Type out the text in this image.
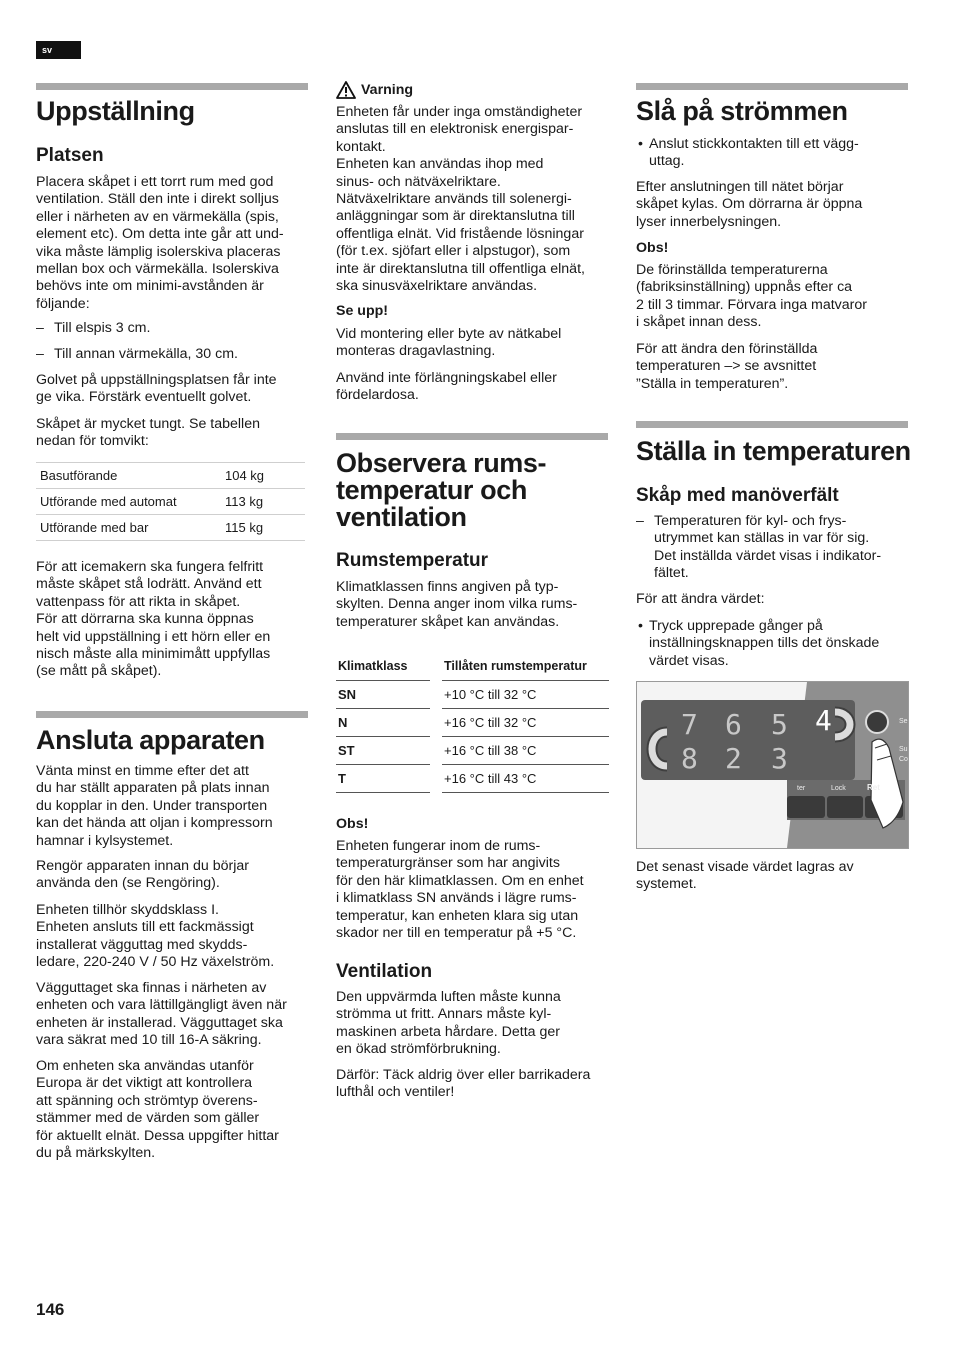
sv
Uppställning
Platsen

Placera skåpet i ett torrt rum med god
ventilation. Ställ den inte i direkt solljus
eller i närheten av en värmekälla (spis,
element etc). Om detta inte går att und-
vika måste lämplig isolerskiva placeras
mellan box och värmekälla. Isolerskiva
behövs inte om minimi-avstånden är
följande:

– Till elspis 3 cm.
– Till annan värmekälla, 30 cm.

Golvet på uppställningsplatsen får inte
ge vika. Förstärk eventuellt golvet.

Skåpet är mycket tungt. Se tabellen
nedan för tomvikt:

Basutförande	104 kg
Utförande med automat	113 kg
Utförande med bar	115 kg

För att icemakern ska fungera felfritt
måste skåpet stå lodrätt. Använd ett
vattenpass för att rikta in skåpet.
För att dörrarna ska kunna öppnas
helt vid uppställning i ett hörn eller en
nisch måste alla minimimått uppfyllas
(se mått på skåpet).

Ansluta apparaten

Vänta minst en timme efter det att
du har ställt apparaten på plats innan
du kopplar in den. Under transporten
kan det hända att oljan i kompressorn
hamnar i kylsystemet.

Rengör apparaten innan du börjar
använda den (se Rengöring).

Enheten tillhör skyddsklass I.
Enheten ansluts till ett fackmässigt
installerat vägguttag med skydds-
ledare, 220-240 V / 50 Hz växelström.

Vägguttaget ska finnas i närheten av
enheten och vara lättillgängligt även när
enheten är installerad. Vägguttaget ska
vara säkrat med 10 till 16-A säkring.

Om enheten ska användas utanför
Europa är det viktigt att kontrollera
att spänning och strömtyp överens-
stämmer med de värden som gäller
för aktuellt elnät. Dessa uppgifter hittar
du på märkskylten.

Varning

Enheten får under inga omständigheter
anslutas till en elektronisk energispar-
kontakt.
Enheten kan användas ihop med
sinus- och nätväxelriktare.
Nätväxelriktare används till solenergi-
anläggningar som är direktanslutna till
offentliga elnät. Vid fristående lösningar
(för t.ex. sjöfart eller i alpstugor), som
inte är direktanslutna till offentliga elnät,
ska sinusväxelriktare användas.

Se upp!

Vid montering eller byte av nätkabel
monteras dragavlastning.

Använd inte förlängningskabel eller
fördelardosa.

Observera rums-
temperatur och
ventilation
Rumstemperatur

Klimatklassen finns angiven på typ-
skylten. Denna anger inom vilka rums-
temperaturer skåpet kan användas.

Klimatklass		Tillåten rumstemperatur
SN		+10 °C till 32 °C
N		+16 °C till 32 °C
ST		+16 °C till 38 °C
T		+16 °C till 43 °C

Obs!

Enheten fungerar inom de rums-
temperaturgränser som har angivits
för den här klimatklassen. Om en enhet
i klimatklass SN används i lägre rums-
temperatur, kan enheten klara sig utan
skador ner till en temperatur på +5 °C.

Ventilation

Den uppvärmda luften måste kunna
strömma ut fritt. Annars måste kyl-
maskinen arbeta hårdare. Detta ger
en ökad strömförbrukning.

Därför: Täck aldrig över eller barrikadera
lufthål och ventiler!

Slå på strömmen
• Anslut stickkontakten till ett vägg-
uttag.

Efter anslutningen till nätet börjar
skåpet kylas. Om dörrarna är öppna
lyser innerbelysningen.

Obs!

De förinställda temperaturerna
(fabriksinställning) uppnås efter ca
2 till 3 timmar. Förvara inga matvaror
i skåpet innan dess.

För att ändra den förinställda
temperaturen –> se avsnittet
”Ställa in temperaturen”.

Ställa in temperaturen
Skåp med manöverfält
– Temperaturen för kyl- och frys-
utrymmet kan ställas in var för sig.
Det inställda värdet visas i indikator-
fältet.

För att ändra värdet:

• Tryck upprepade gånger på
inställningsknappen tills det önskade
värdet visas.
7 6 5 4
8 2 3
ter	Lock	Ret
Se
Su
Co

Det senast visade värdet lagras av
systemet.

146
